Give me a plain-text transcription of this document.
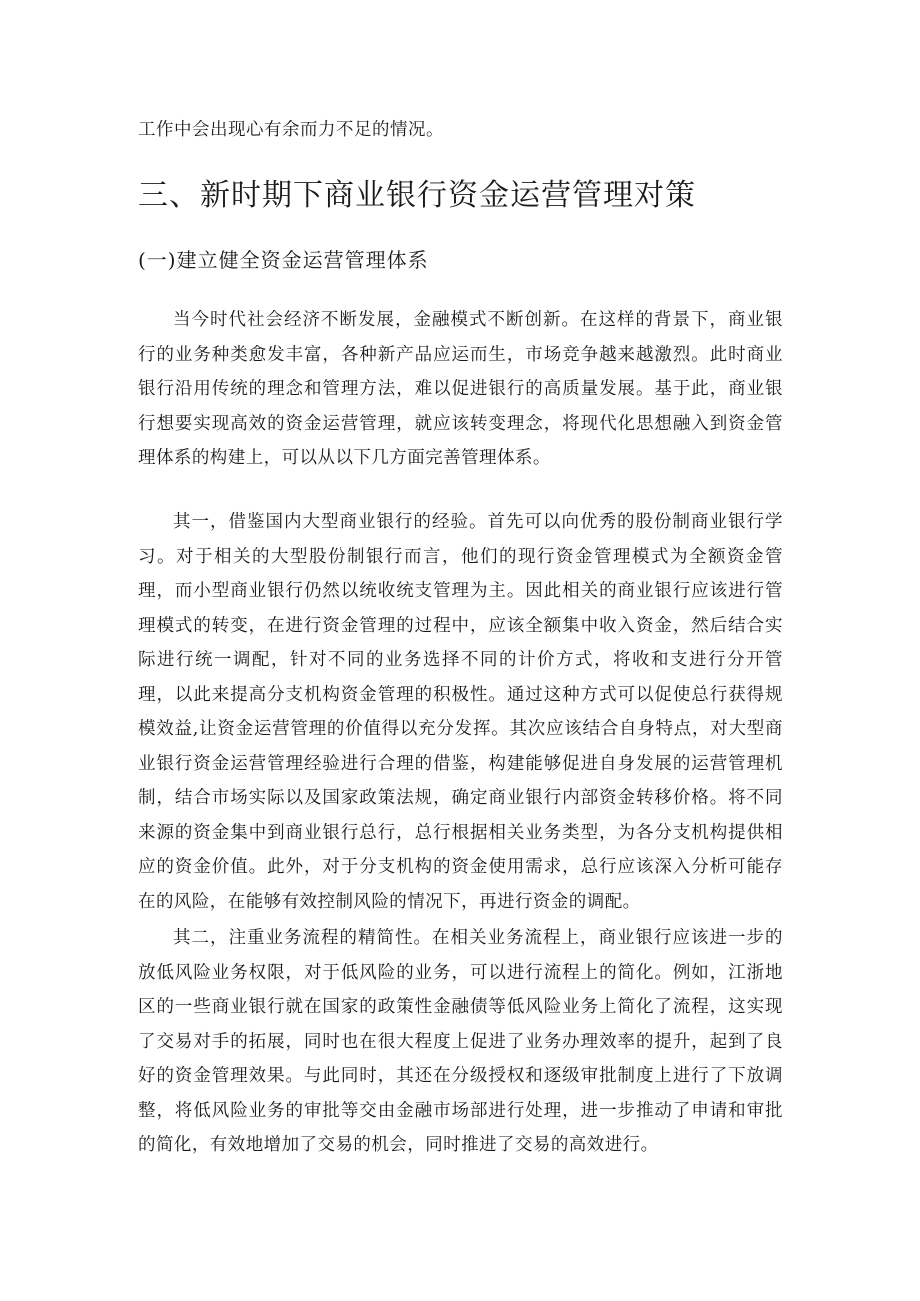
工作中会出现心有余而力不足的情况。
三、新时期下商业银行资金运营管理对策
(一)建立健全资金运营管理体系

当今时代社会经济不断发展，金融模式不断创新。在这样的背景下，商业银行的业务种类愈发丰富，各种新产品应运而生，市场竞争越来越激烈。此时商业银行沿用传统的理念和管理方法，难以促进银行的高质量发展。基于此，商业银行想要实现高效的资金运营管理，就应该转变理念，将现代化思想融入到资金管理体系的构建上，可以从以下几方面完善管理体系。

其一，借鉴国内大型商业银行的经验。首先可以向优秀的股份制商业银行学习。对于相关的大型股份制银行而言，他们的现行资金管理模式为全额资金管理，而小型商业银行仍然以统收统支管理为主。因此相关的商业银行应该进行管理模式的转变，在进行资金管理的过程中，应该全额集中收入资金，然后结合实际进行统一调配，针对不同的业务选择不同的计价方式，将收和支进行分开管理，以此来提高分支机构资金管理的积极性。通过这种方式可以促使总行获得规模效益,让资金运营管理的价值得以充分发挥。其次应该结合自身特点，对大型商业银行资金运营管理经验进行合理的借鉴，构建能够促进自身发展的运营管理机制，结合市场实际以及国家政策法规，确定商业银行内部资金转移价格。将不同来源的资金集中到商业银行总行，总行根据相关业务类型，为各分支机构提供相应的资金价值。此外，对于分支机构的资金使用需求，总行应该深入分析可能存在的风险，在能够有效控制风险的情况下，再进行资金的调配。

其二，注重业务流程的精简性。在相关业务流程上，商业银行应该进一步的放低风险业务权限，对于低风险的业务，可以进行流程上的简化。例如，江浙地区的一些商业银行就在国家的政策性金融债等低风险业务上简化了流程，这实现了交易对手的拓展，同时也在很大程度上促进了业务办理效率的提升，起到了良好的资金管理效果。与此同时，其还在分级授权和逐级审批制度上进行了下放调整，将低风险业务的审批等交由金融市场部进行处理，进一步推动了申请和审批的简化，有效地增加了交易的机会，同时推进了交易的高效进行。
